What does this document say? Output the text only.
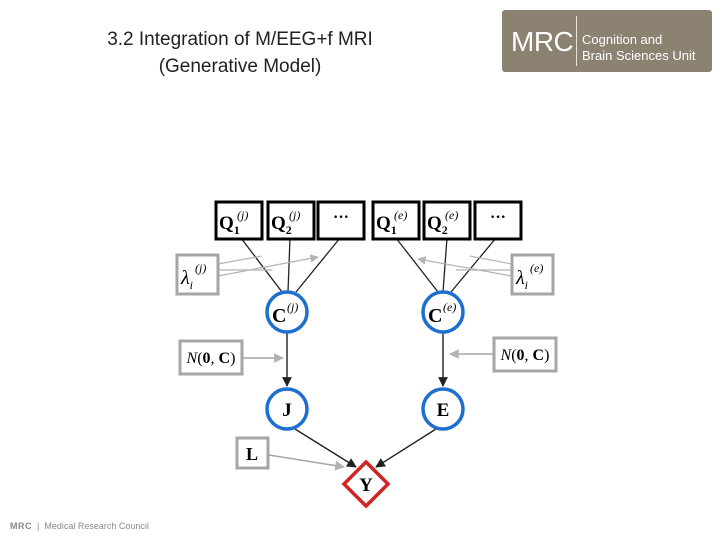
3.2 Integration of M/EEG+f MRI
(Generative Model)
MRC Cognition and
Brain Sciences Unit
MRC | Medical Research Council
$Q_1$
(j) $Q_2$
(j) ··· $Q_1$
(e) $Q_2$
(e) ···
$\lambda_i$
(j)	$\lambda_i$
(e)
C (j)	C (e)
N(0, C)	N(0, C)
J	E
L
Y
